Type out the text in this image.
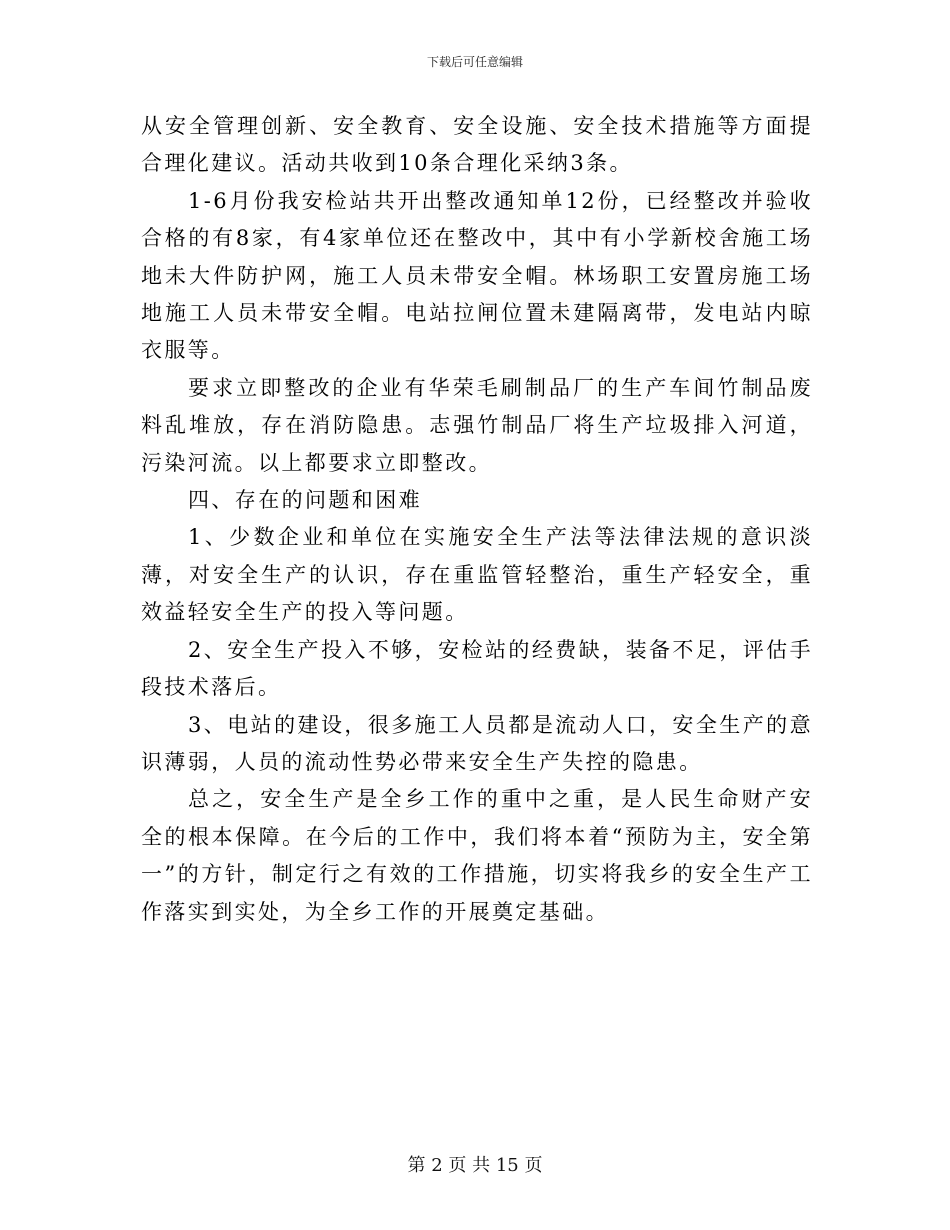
下载后可任意编辑

从安全管理创新、安全教育、安全设施、安全技术措施等方面提合理化建议。活动共收到10条合理化采纳3条。

1-6月份我安检站共开出整改通知单12份，已经整改并验收合格的有8家，有4家单位还在整改中，其中有小学新校舍施工场地未大件防护网，施工人员未带安全帽。林场职工安置房施工场地施工人员未带安全帽。电站拉闸位置未建隔离带，发电站内晾衣服等。

要求立即整改的企业有华荣毛刷制品厂的生产车间竹制品废料乱堆放，存在消防隐患。志强竹制品厂将生产垃圾排入河道，污染河流。以上都要求立即整改。

四、存在的问题和困难

1、少数企业和单位在实施安全生产法等法律法规的意识淡薄，对安全生产的认识，存在重监管轻整治，重生产轻安全，重效益轻安全生产的投入等问题。

2、安全生产投入不够，安检站的经费缺，装备不足，评估手段技术落后。

3、电站的建设，很多施工人员都是流动人口，安全生产的意识薄弱，人员的流动性势必带来安全生产失控的隐患。

总之，安全生产是全乡工作的重中之重，是人民生命财产安全的根本保障。在今后的工作中，我们将本着“预防为主，安全第一”的方针，制定行之有效的工作措施，切实将我乡的安全生产工作落实到实处，为全乡工作的开展奠定基础。

第 2 页 共 15 页
